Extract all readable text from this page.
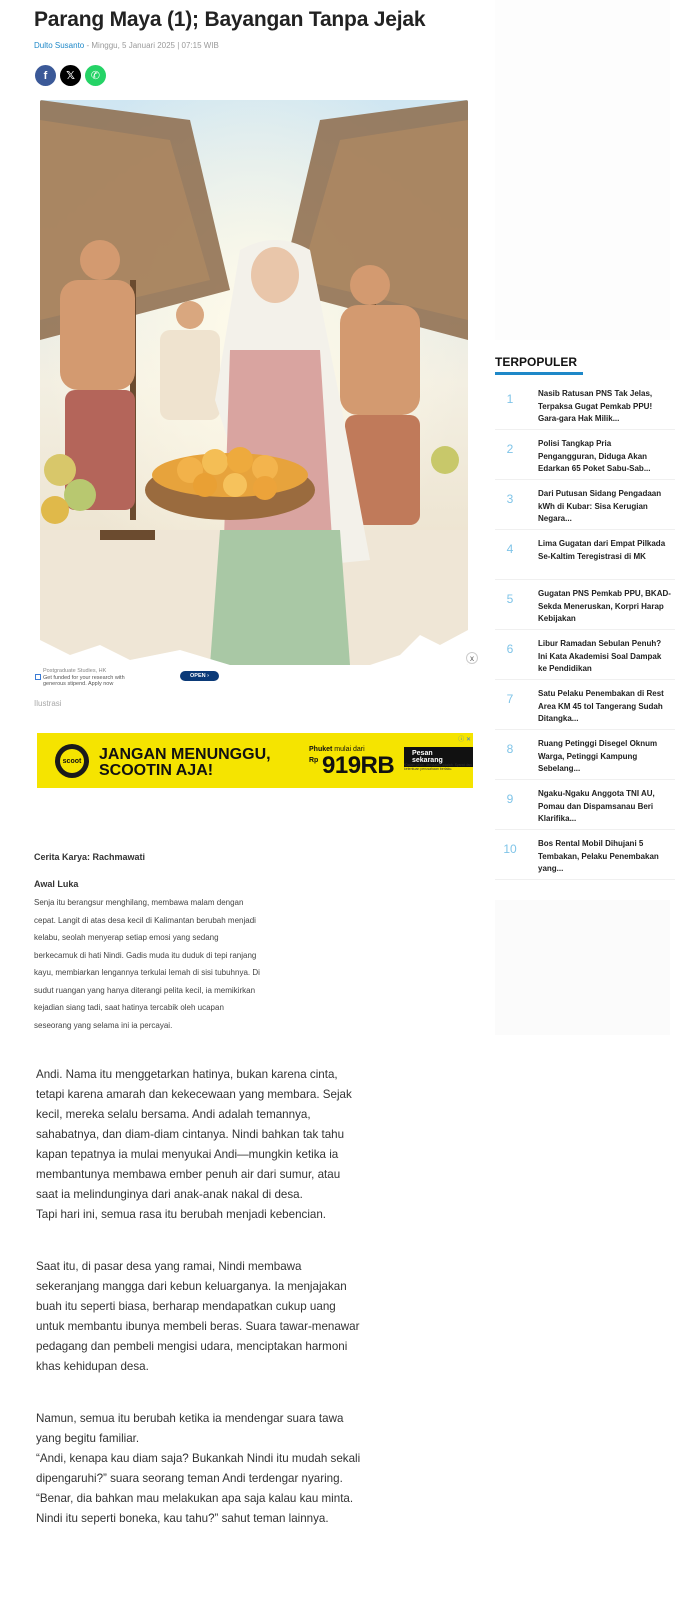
Parang Maya (1); Bayangan Tanpa Jejak
Dulto Susanto - Minggu, 5 Januari 2025 | 07:15 WIB
f 𝕏 ✆
x
Postgraduate Studies, HK
Get funded for your research with
generous stipend. Apply now
OPEN ›
Ilustrasi
scoot JANGAN MENUNGGU,
SCOOTIN AJA!
Phuket mulai dari
Rp 919RB	Pesan sekarang
*Dalam jalan. Jemaatan adalah. Syarat dan ketentuan perusahaan berlaku.
ⓘ ✕
Cerita Karya: Rachmawati
Awal Luka
Senja itu berangsur menghilang, membawa malam dengan
cepat. Langit di atas desa kecil di Kalimantan berubah menjadi
kelabu, seolah menyerap setiap emosi yang sedang
berkecamuk di hati Nindi. Gadis muda itu duduk di tepi ranjang
kayu, membiarkan lengannya terkulai lemah di sisi tubuhnya. Di
sudut ruangan yang hanya diterangi pelita kecil, ia memikirkan
kejadian siang tadi, saat hatinya tercabik oleh ucapan
seseorang yang selama ini ia percayai.
Andi. Nama itu menggetarkan hatinya, bukan karena cinta,
tetapi karena amarah dan kekecewaan yang membara. Sejak
kecil, mereka selalu bersama. Andi adalah temannya,
sahabatnya, dan diam-diam cintanya. Nindi bahkan tak tahu
kapan tepatnya ia mulai menyukai Andi—mungkin ketika ia
membantunya membawa ember penuh air dari sumur, atau
saat ia melindunginya dari anak-anak nakal di desa.
Tapi hari ini, semua rasa itu berubah menjadi kebencian.
Saat itu, di pasar desa yang ramai, Nindi membawa
sekeranjang mangga dari kebun keluarganya. Ia menjajakan
buah itu seperti biasa, berharap mendapatkan cukup uang
untuk membantu ibunya membeli beras. Suara tawar-menawar
pedagang dan pembeli mengisi udara, menciptakan harmoni
khas kehidupan desa.
Namun, semua itu berubah ketika ia mendengar suara tawa
yang begitu familiar.
“Andi, kenapa kau diam saja? Bukankah Nindi itu mudah sekali
dipengaruhi?” suara seorang teman Andi terdengar nyaring.
“Benar, dia bahkan mau melakukan apa saja kalau kau minta.
Nindi itu seperti boneka, kau tahu?” sahut teman lainnya.
TERPOPULER
1	Nasib Ratusan PNS Tak Jelas, Terpaksa Gugat Pemkab PPU! Gara-gara Hak Milik...
2	Polisi Tangkap Pria Pengangguran, Diduga Akan Edarkan 65 Poket Sabu-Sab...
3	Dari Putusan Sidang Pengadaan kWh di Kubar: Sisa Kerugian Negara...
4	Lima Gugatan dari Empat Pilkada Se-Kaltim Teregistrasi di MK
5	Gugatan PNS Pemkab PPU, BKAD-Sekda Meneruskan, Korpri Harap Kebijakan
6	Libur Ramadan Sebulan Penuh? Ini Kata Akademisi Soal Dampak ke Pendidikan
7	Satu Pelaku Penembakan di Rest Area KM 45 tol Tangerang Sudah Ditangka...
8	Ruang Petinggi Disegel Oknum Warga, Petinggi Kampung Sebelang...
9	Ngaku-Ngaku Anggota TNI AU, Pomau dan Dispamsanau Beri Klarifika...
10	Bos Rental Mobil Dihujani 5 Tembakan, Pelaku Penembakan yang...
